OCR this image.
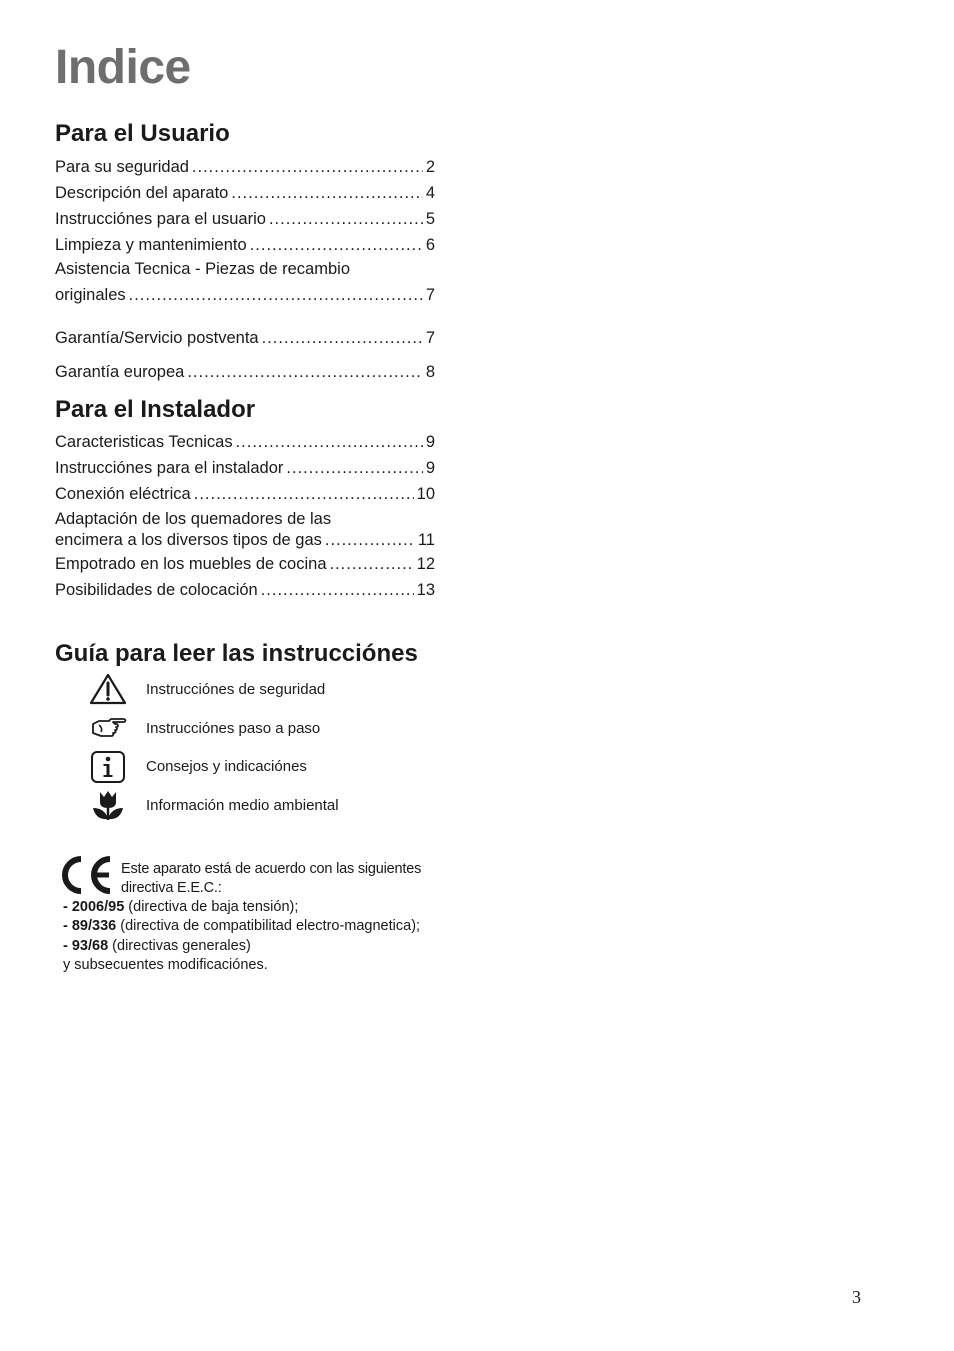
Indice
Para el Usuario
Para su seguridad .....	2
Descripción del aparato .....	4
Instrucciónes para el usuario .....	5
Limpieza y mantenimiento .....	6
Asistencia Tecnica - Piezas de recambio
originales .....	7
Garantía/Servicio postventa .....	7
Garantía europea .....	8
Para el Instalador
Caracteristicas Tecnicas .....	9
Instrucciónes para el instalador .....	9
Conexión eléctrica .....	10
Adaptación de los quemadores de las
encimera a los diversos tipos de gas .....	11
Empotrado en los muebles de cocina .....	12
Posibilidades de colocación .....	13
Guía para leer las instrucciónes
Instrucciónes de seguridad
Instrucciónes paso a paso
Consejos y indicaciónes
Información medio ambiental
Este aparato está de acuerdo con las siguientes directiva E.E.C.:
- 2006/95 (directiva de baja tensión);
- 89/336 (directiva de compatibilitad electro-magnetica);
- 93/68 (directivas generales)
y subsecuentes modificaciónes.
3
